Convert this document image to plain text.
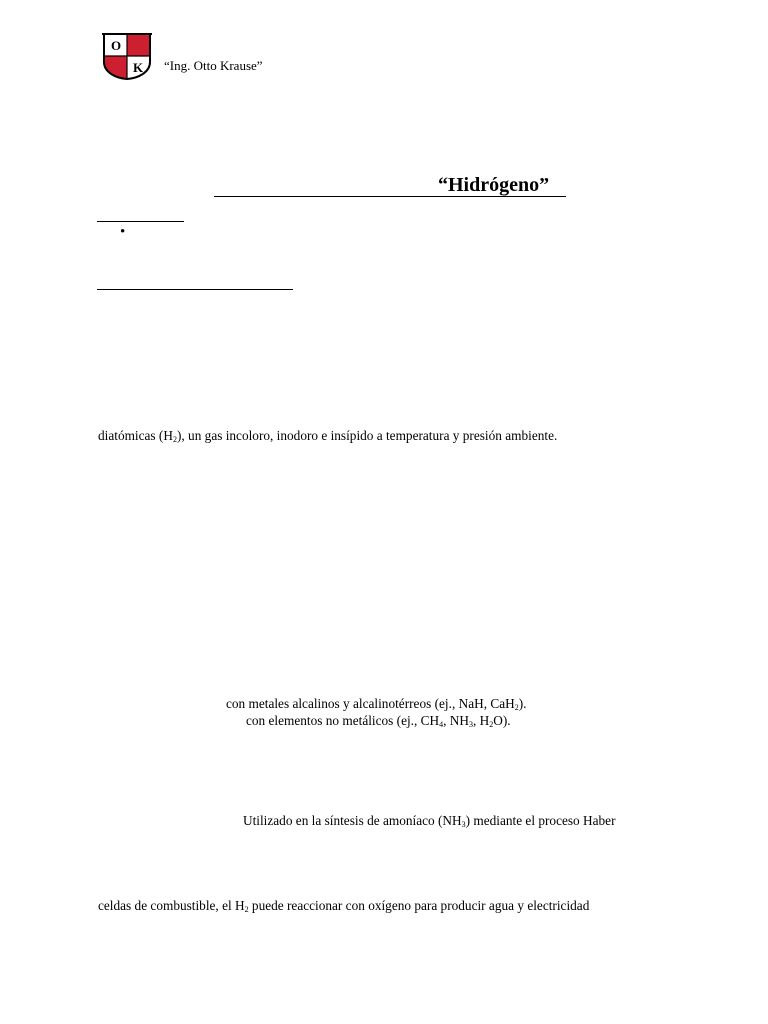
O
K “Ing. Otto Krause”
“Hidrógeno”
•
diatómicas $(H_2)$, un gas incoloro, inodoro e insípido a temperatura y presión ambiente.
con metales alcalinos y alcalinotérreos (ej., NaH, CaH$_2$).
con elementos no metálicos (ej., $CH_4$, $NH_3$, $H_2O$).
Utilizado en la síntesis de amoníaco $(NH_3)$ mediante el proceso Haber
celdas de combustible, el $H_2$ puede reaccionar con oxígeno para producir agua y electricidad
